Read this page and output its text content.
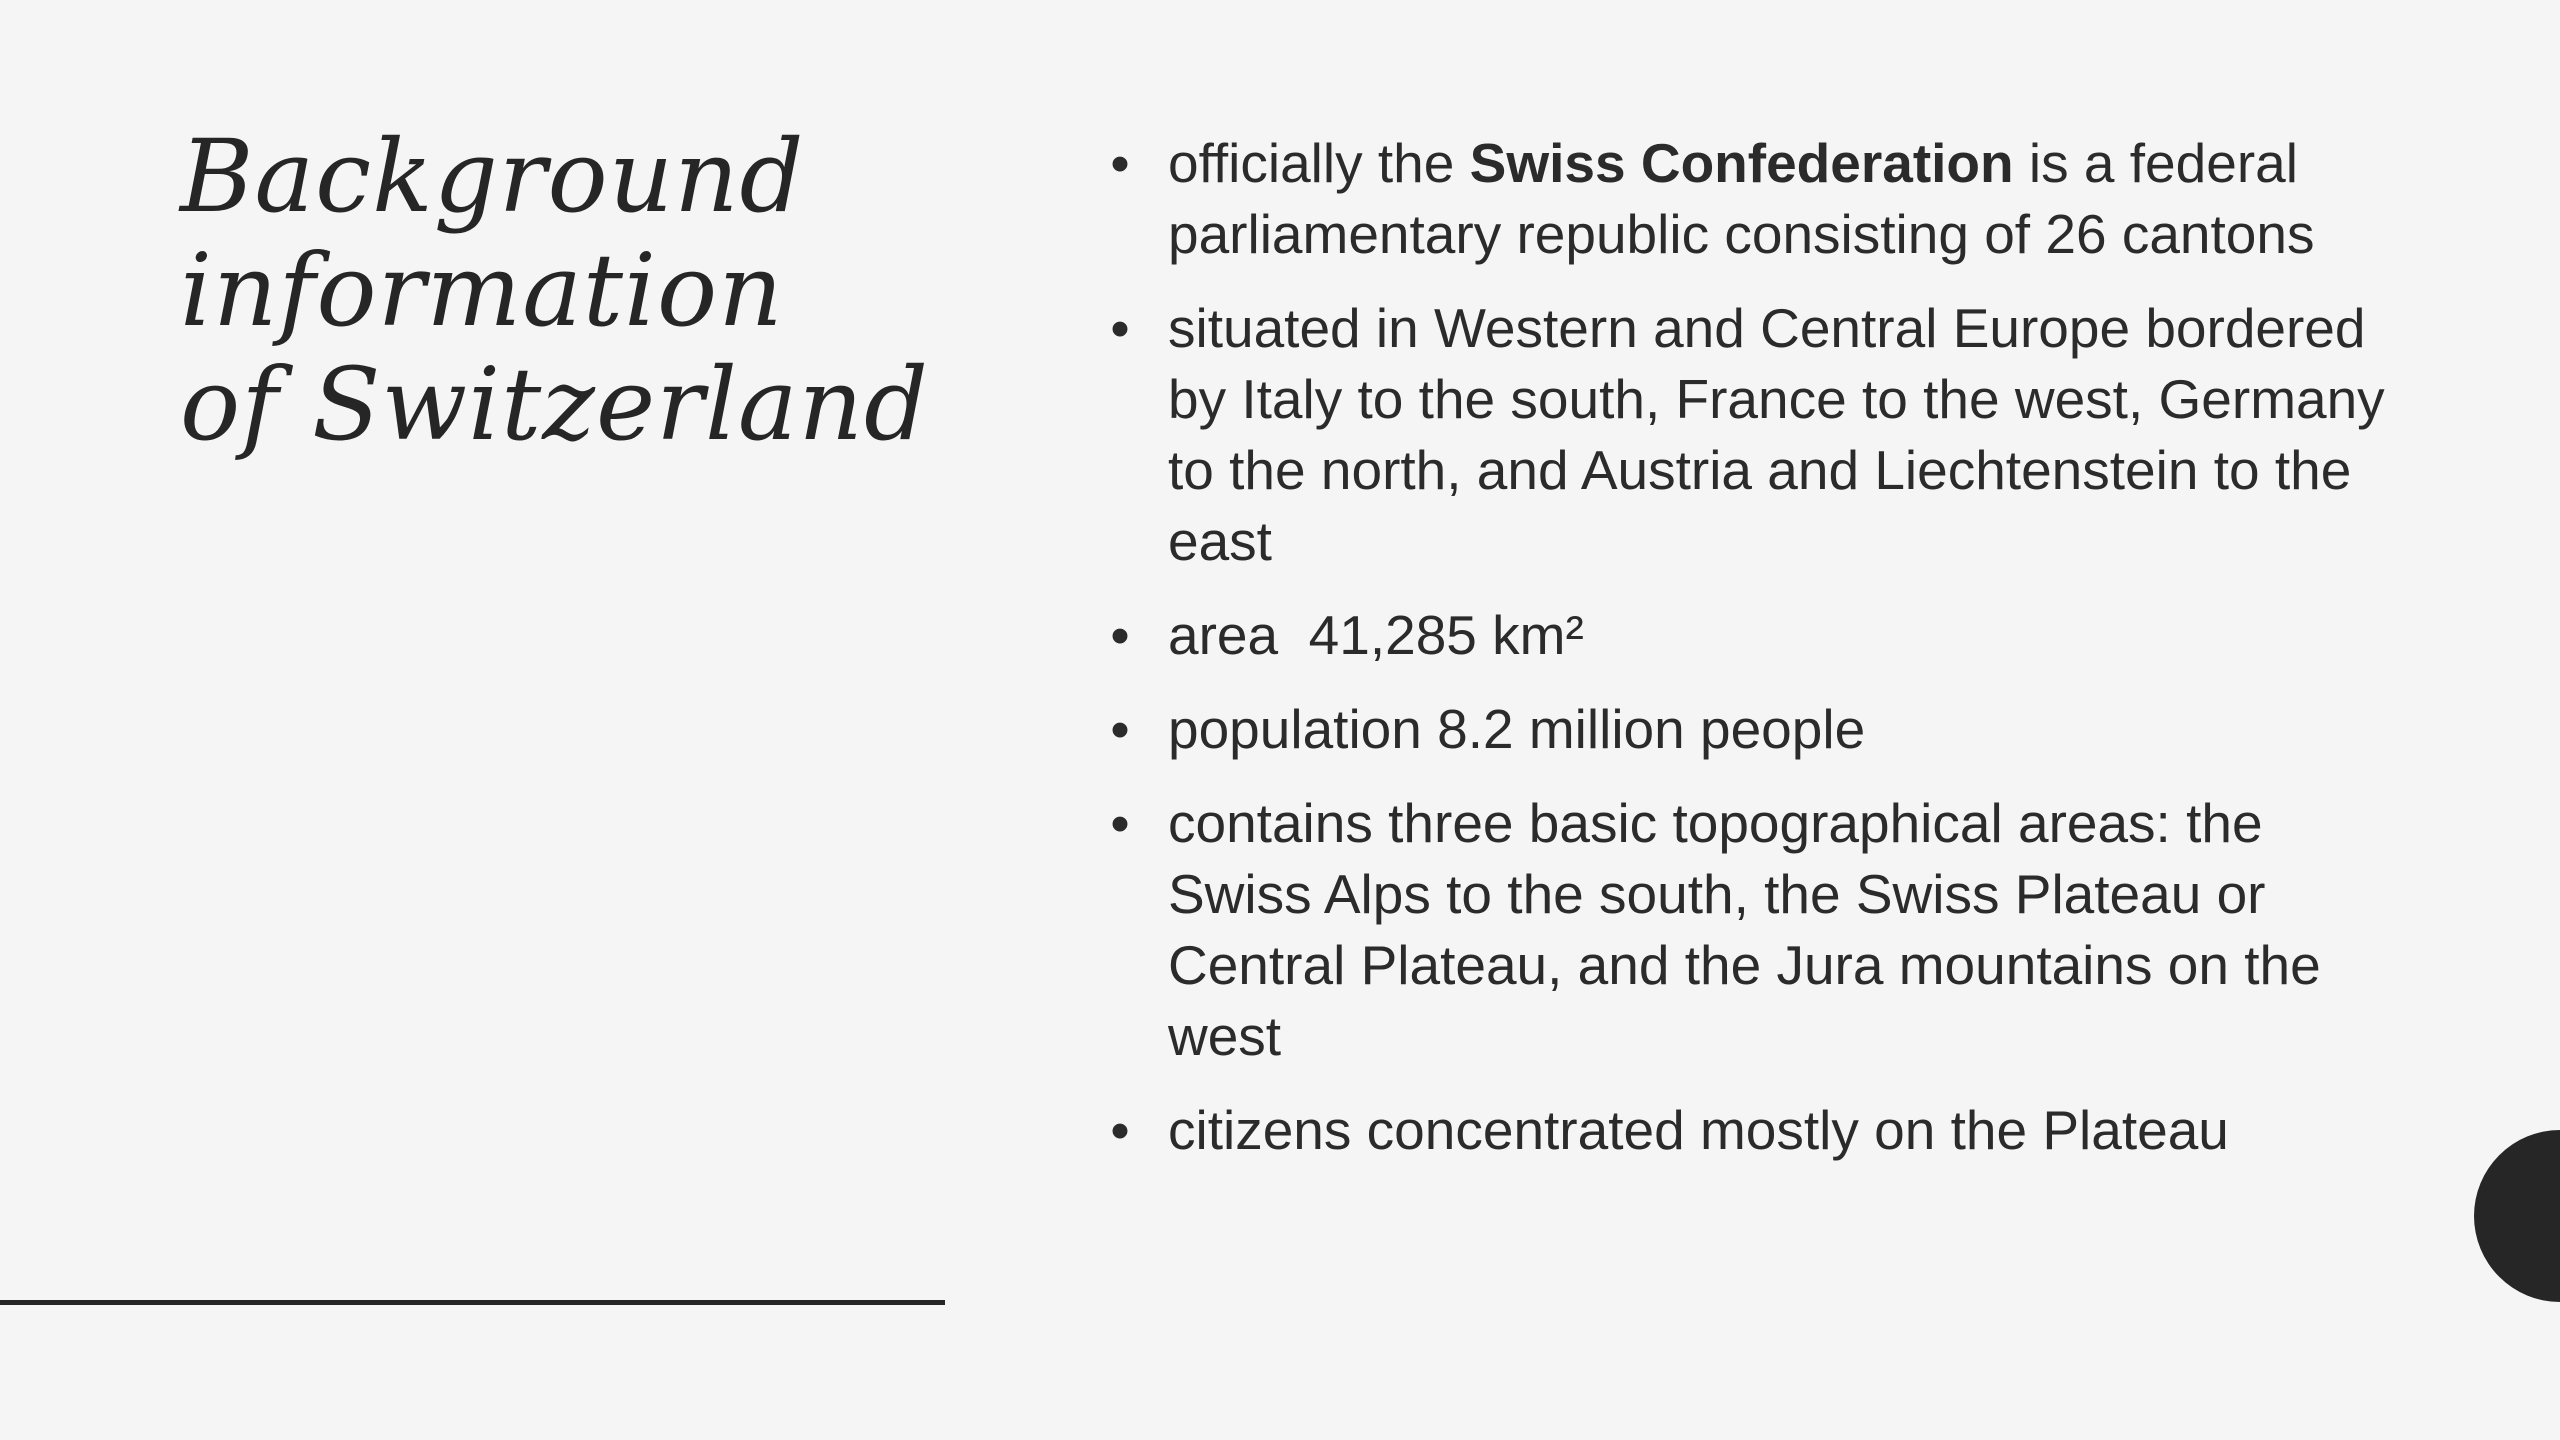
Background
information
of Switzerland
• officially the Swiss Confederation is a federal parliamentary republic consisting of 26 cantons
• situated in Western and Central Europe bordered by Italy to the south, France to the west, Germany to the north, and Austria and Liechtenstein to the east
• area  41,285 km²
• population 8.2 million people
• contains three basic topographical areas: the Swiss Alps to the south, the Swiss Plateau or Central Plateau, and the Jura mountains on the west
• citizens concentrated mostly on the Plateau
